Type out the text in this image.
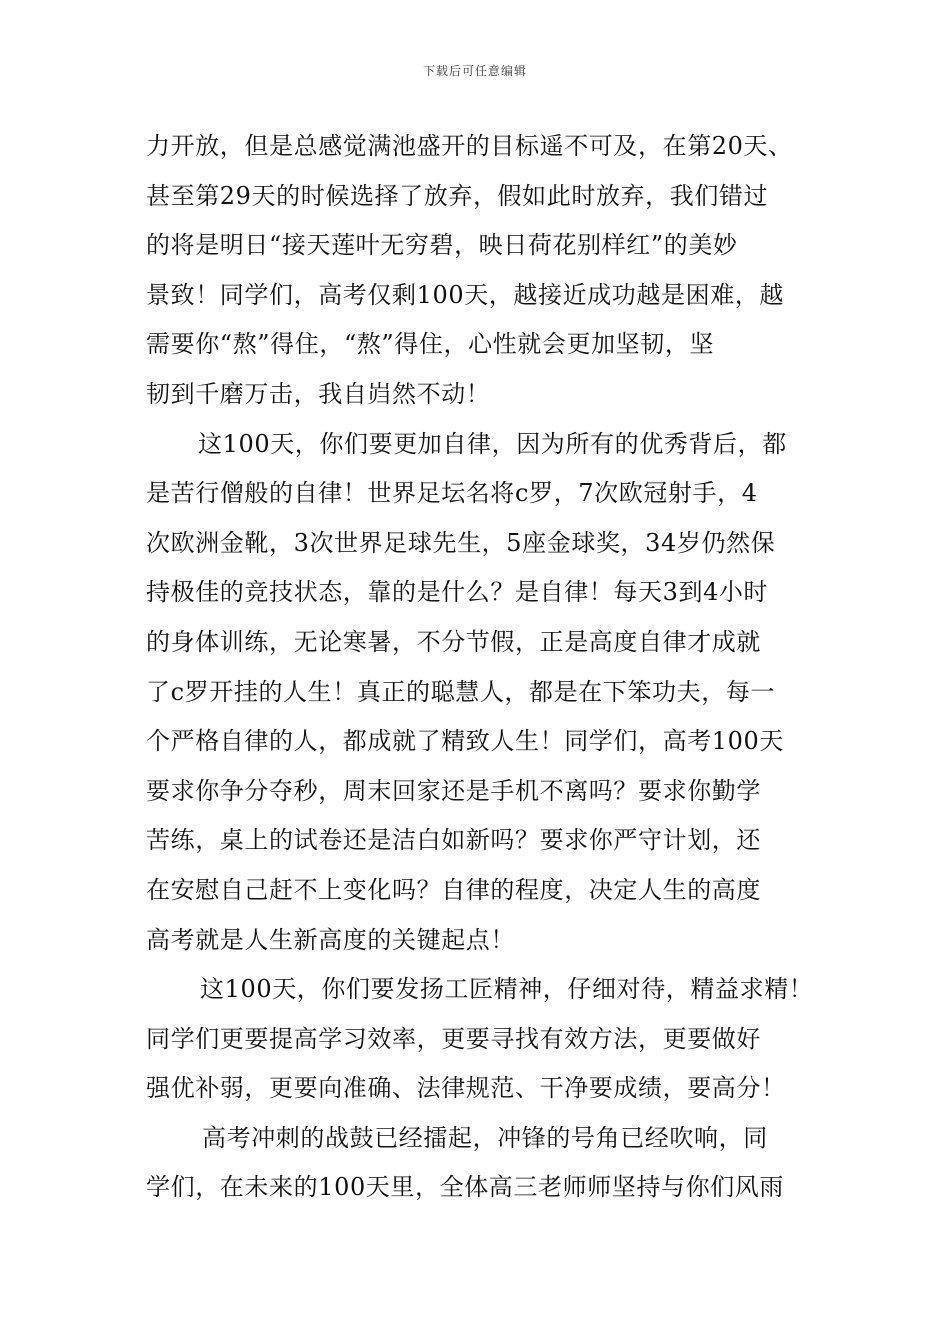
下载后可任意编辑
力开放，但是总感觉满池盛开的目标遥不可及，在第20天、
甚至第29天的时候选择了放弃，假如此时放弃，我们错过
的将是明日“接天莲叶无穷碧，映日荷花别样红”的美妙
景致！同学们，高考仅剩100天，越接近成功越是困难，越
需要你“熬”得住，“熬”得住，心性就会更加坚韧，坚
韧到千磨万击，我自岿然不动！
这100天，你们要更加自律，因为所有的优秀背后，都
是苦行僧般的自律！世界足坛名将c罗，7次欧冠射手，4
次欧洲金靴，3次世界足球先生，5座金球奖，34岁仍然保
持极佳的竞技状态，靠的是什么？是自律！每天3到4小时
的身体训练，无论寒暑，不分节假，正是高度自律才成就
了c罗开挂的人生！真正的聪慧人，都是在下笨功夫，每一
个严格自律的人，都成就了精致人生！同学们，高考100天
要求你争分夺秒，周末回家还是手机不离吗？要求你勤学
苦练，桌上的试卷还是洁白如新吗？要求你严守计划，还
在安慰自己赶不上变化吗？自律的程度，决定人生的高度
高考就是人生新高度的关键起点！
这100天，你们要发扬工匠精神，仔细对待，精益求精！
同学们更要提高学习效率，更要寻找有效方法，更要做好
强优补弱，更要向准确、法律规范、干净要成绩，要高分！
高考冲刺的战鼓已经擂起，冲锋的号角已经吹响，同
学们，在未来的100天里，全体高三老师师坚持与你们风雨
